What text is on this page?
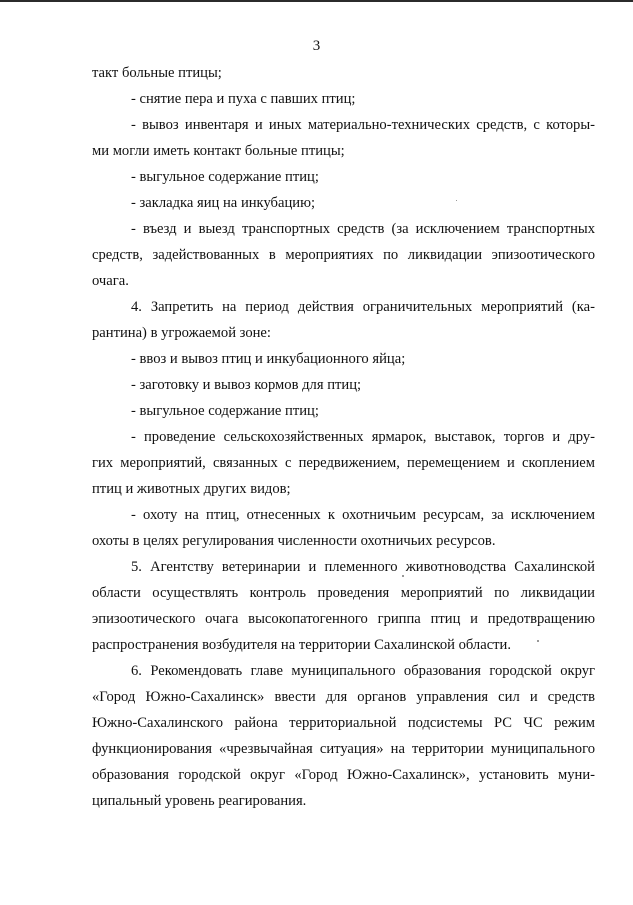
3
такт больные птицы;
- снятие пера и пуха с павших птиц;
- вывоз инвентаря и иных материально-технических средств, с которы-
ми могли иметь контакт больные птицы;
- выгульное содержание птиц;
- закладка яиц на инкубацию;
- въезд и выезд транспортных средств (за исключением транспортных
средств, задействованных в мероприятиях по ликвидации эпизоотического
очага.
4. Запретить на период действия ограничительных мероприятий (ка-
рантина) в угрожаемой зоне:
- ввоз и вывоз птиц и инкубационного яйца;
- заготовку и вывоз кормов для птиц;
- выгульное содержание птиц;
- проведение сельскохозяйственных ярмарок, выставок, торгов и дру-
гих мероприятий, связанных с передвижением, перемещением и скоплением
птиц и животных других видов;
- охоту на птиц, отнесенных к охотничьим ресурсам, за исключением
охоты в целях регулирования численности охотничьих ресурсов.
5. Агентству ветеринарии и племенного животноводства Сахалинской
области осуществлять контроль проведения мероприятий по ликвидации
эпизоотического очага высокопатогенного гриппа птиц и предотвращению
распространения возбудителя на территории Сахалинской области.
6. Рекомендовать главе муниципального образования городской округ
«Город Южно-Сахалинск» ввести для органов управления сил и средств
Южно-Сахалинского района территориальной подсистемы РС ЧС режим
функционирования «чрезвычайная ситуация» на территории муниципального
образования городской округ «Город Южно-Сахалинск», установить муни-
ципальный уровень реагирования.
